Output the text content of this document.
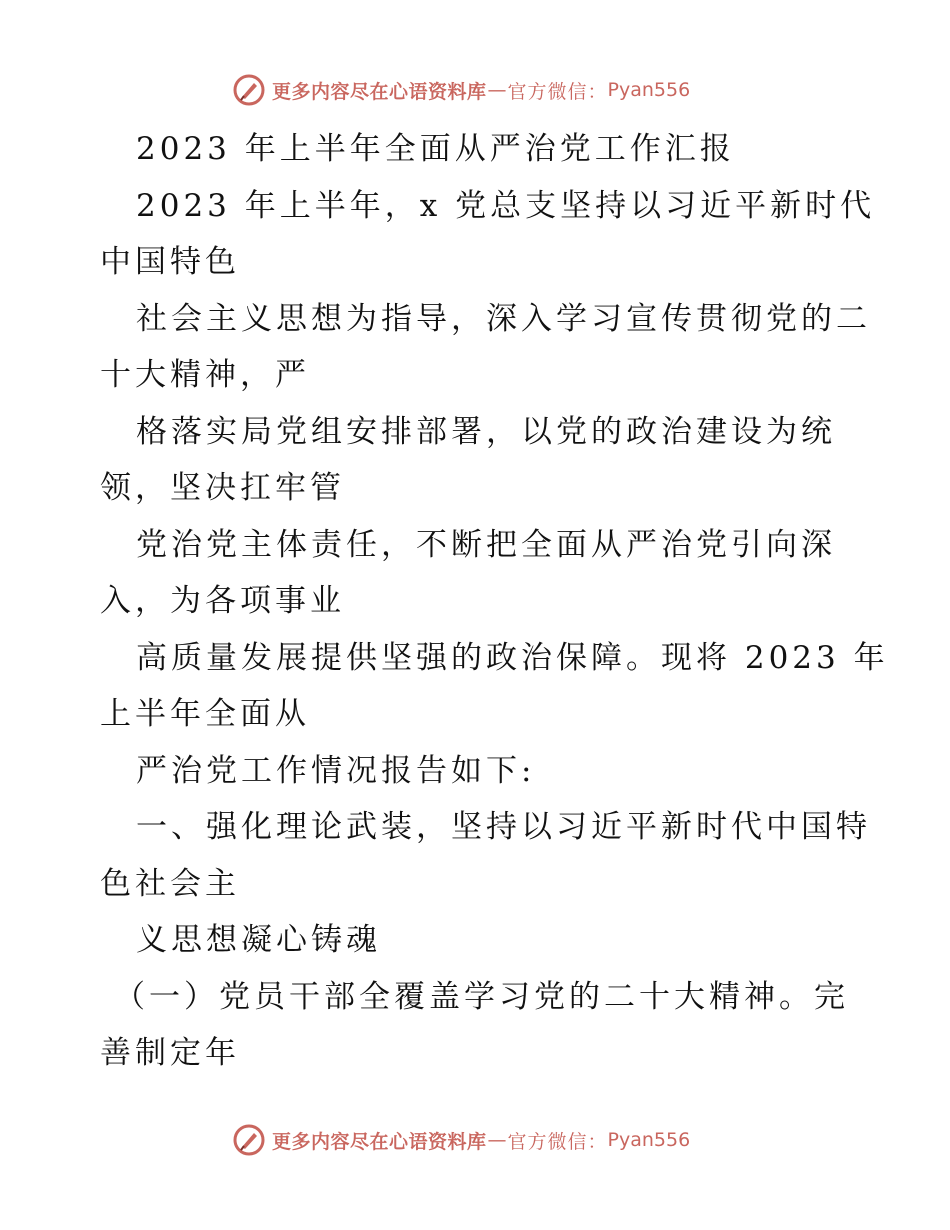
更多内容尽在心语资料库 — 官方微信： Pyan556
2023 年上半年全面从严治党工作汇报
2023 年上半年，x 党总支坚持以习近平新时代
中国特色
社会主义思想为指导，深入学习宣传贯彻党的二
十大精神，严
格落实局党组安排部署，以党的政治建设为统
领，坚决扛牢管
党治党主体责任，不断把全面从严治党引向深
入，为各项事业
高质量发展提供坚强的政治保障。现将 2023 年
上半年全面从
严治党工作情况报告如下:
一、强化理论武装，坚持以习近平新时代中国特
色社会主
义思想凝心铸魂
（一）党员干部全覆盖学习党的二十大精神。完
善制定年
更多内容尽在心语资料库 — 官方微信： Pyan556
